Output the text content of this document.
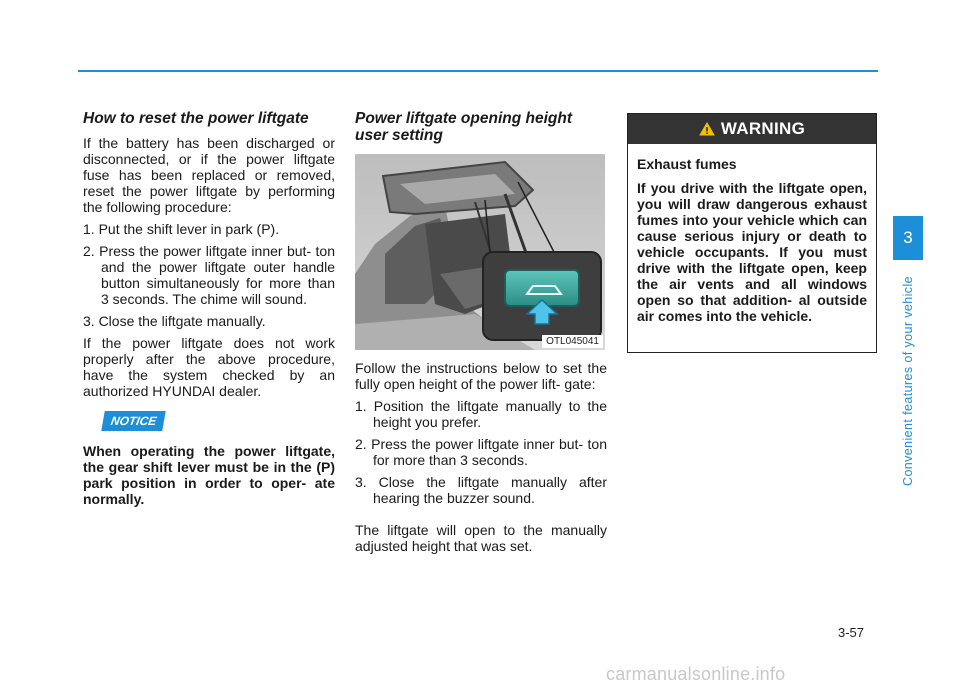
How to reset the power liftgate

If the battery has been discharged or disconnected, or if the power liftgate fuse has been replaced or removed, reset the power liftgate by performing the following procedure:

1. Put the shift lever in park (P).
2. Press the power liftgate inner but- ton and the power liftgate outer handle button simultaneously for more than 3 seconds. The chime will sound.
3. Close the liftgate manually.

If the power liftgate does not work properly after the above procedure, have the system checked by an authorized HYUNDAI dealer.

NOTICE

When operating the power liftgate, the gear shift lever must be in the (P) park position in order to oper- ate normally.

Power liftgate opening height user setting
OTL045041

Follow the instructions below to set the fully open height of the power lift- gate:

1. Position the liftgate manually to the height you prefer.
2. Press the power liftgate inner but- ton for more than 3 seconds.
3. Close the liftgate manually after hearing the buzzer sound.

The liftgate will open to the manually adjusted height that was set.

WARNING

Exhaust fumes

If you drive with the liftgate open, you will draw dangerous exhaust fumes into your vehicle which can cause serious injury or death to vehicle occupants. If you must drive with the liftgate open, keep the air vents and all windows open so that addition- al outside air comes into the vehicle.

3
Convenient features of your vehicle
3-57
carmanualsonline.info
